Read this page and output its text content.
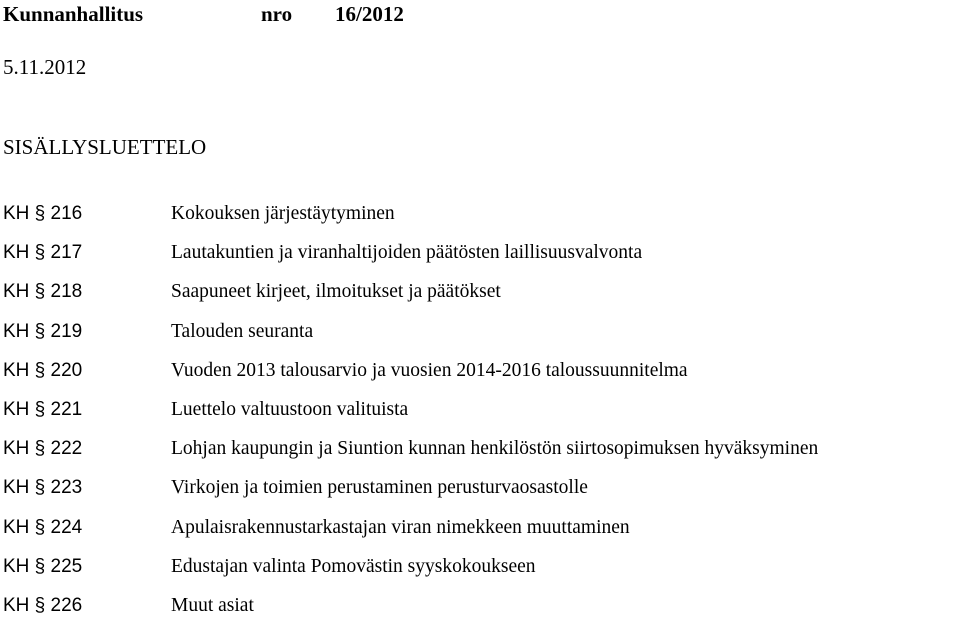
Kunnanhallitus	nro 16/2012
5.11.2012
SISÄLLYSLUETTELO
KH § 216	Kokouksen järjestäytyminen
KH § 217	Lautakuntien ja viranhaltijoiden päätösten laillisuusvalvonta
KH § 218	Saapuneet kirjeet, ilmoitukset ja päätökset
KH § 219	Talouden seuranta
KH § 220	Vuoden 2013 talousarvio ja vuosien 2014-2016 taloussuunnitelma
KH § 221	Luettelo valtuustoon valituista
KH § 222	Lohjan kaupungin ja Siuntion kunnan henkilöstön siirtosopimuksen hyväksyminen
KH § 223	Virkojen ja toimien perustaminen perusturvaosastolle
KH § 224	Apulaisrakennustarkastajan viran nimekkeen muuttaminen
KH § 225	Edustajan valinta Pomovästin syyskokoukseen
KH § 226	Muut asiat
